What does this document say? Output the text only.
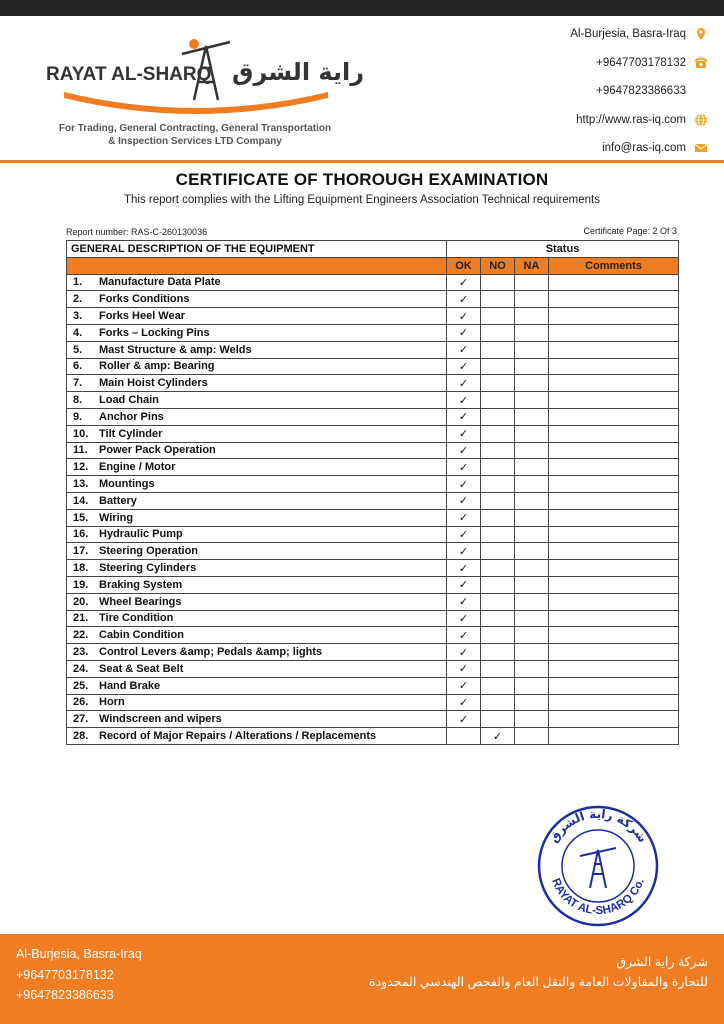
RAYAT AL-SHARQ راية الشرق
For Trading, General Contracting, General Transportation
& Inspection Services LTD Company
Al-Burjesia, Basra-Iraq
+9647703178132
+9647823386633
http://www.ras-iq.com
info@ras-iq.com
CERTIFICATE OF THOROUGH EXAMINATION
This report complies with the Lifting Equipment Engineers Association Technical requirements
Report number: RAS-C-260130036	Certificate Page: 2 Of 3
GENERAL DESCRIPTION OF THE EQUIPMENT	Status			
	OK	NO	NA	Comments
1. Manufacture Data Plate	✓			
2. Forks Conditions	✓			
3. Forks Heel Wear	✓			
4. Forks – Locking Pins	✓			
5. Mast Structure & amp: Welds	✓			
6. Roller & amp: Bearing	✓			
7. Main Hoist Cylinders	✓			
8. Load Chain	✓			
9. Anchor Pins	✓			
10. Tilt Cylinder	✓			
11. Power Pack Operation	✓			
12. Engine / Motor	✓			
13. Mountings	✓			
14. Battery	✓			
15. Wiring	✓			
16. Hydraulic Pump	✓			
17. Steering Operation	✓			
18. Steering Cylinders	✓			
19. Braking System	✓			
20. Wheel Bearings	✓			
21. Tire Condition	✓			
22. Cabin Condition	✓			
23. Control Levers &amp; Pedals &amp; lights	✓			
24. Seat & Seat Belt	✓			
25. Hand Brake	✓			
26. Horn	✓			
27. Windscreen and wipers	✓			
28. Record of Major Repairs / Alterations / Replacements		✓		
شركة راية الشرق
RAYAT AL-SHARQ Co.
Al-Burjesia, Basra-Iraq
+9647703178132
+9647823386633
شركة راية الشرق
للتجارة والمقاولات العامة والنقل العام والفحص الهندسي المحدودة
